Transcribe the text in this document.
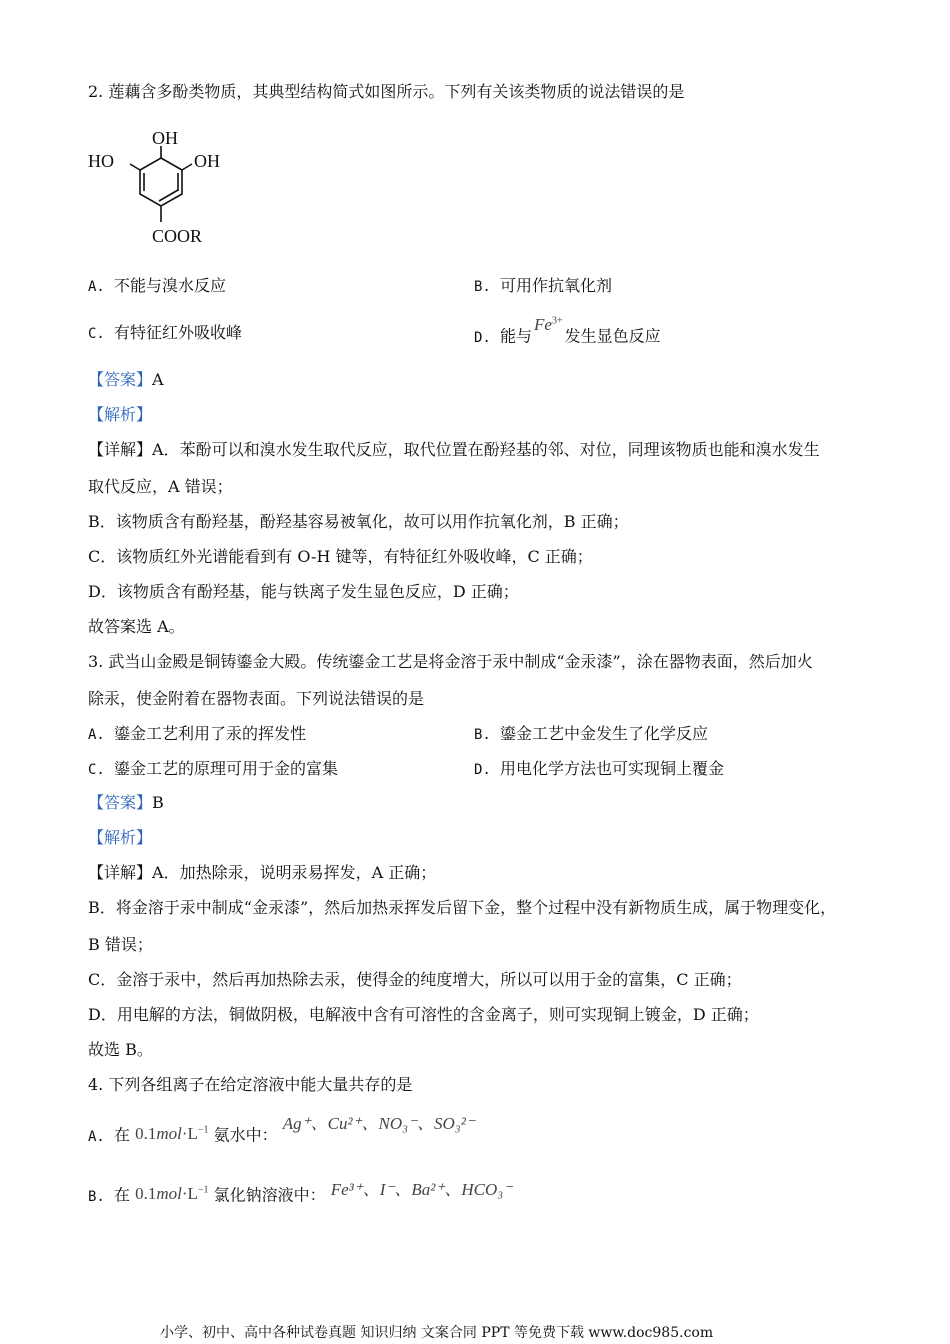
2. 莲藕含多酚类物质，其典型结构简式如图所示。下列有关该类物质的说法错误的是
OH
HO	OH
COOR
A. 不能与溴水反应	B. 可用作抗氧化剂
C. 有特征红外吸收峰	D. 能与$Fe^{3+}$发生显色反应
【答案】A
【解析】
【详解】A．苯酚可以和溴水发生取代反应，取代位置在酚羟基的邻、对位，同理该物质也能和溴水发生
取代反应，A 错误；
B．该物质含有酚羟基，酚羟基容易被氧化，故可以用作抗氧化剂，B 正确；
C．该物质红外光谱能看到有 O-H 键等，有特征红外吸收峰，C 正确；
D．该物质含有酚羟基，能与铁离子发生显色反应，D 正确；
故答案选 A。
3. 武当山金殿是铜铸鎏金大殿。传统鎏金工艺是将金溶于汞中制成“金汞漆”，涂在器物表面，然后加火
除汞，使金附着在器物表面。下列说法错误的是
A. 鎏金工艺利用了汞的挥发性	B. 鎏金工艺中金发生了化学反应
C. 鎏金工艺的原理可用于金的富集	D. 用电化学方法也可实现铜上覆金
【答案】B
【解析】
【详解】A．加热除汞，说明汞易挥发，A 正确；
B．将金溶于汞中制成“金汞漆”，然后加热汞挥发后留下金，整个过程中没有新物质生成，属于物理变化，
B 错误；
C．金溶于汞中，然后再加热除去汞，使得金的纯度增大，所以可以用于金的富集，C 正确；
D．用电解的方法，铜做阴极，电解液中含有可溶性的含金离子，则可实现铜上镀金，D 正确；
故选 B。
4. 下列各组离子在给定溶液中能大量共存的是
A. 在 $0.1mol\cdot L^{-1}$ 氨水中： Ag⁺、Cu²⁺、NO₃⁻、SO₃²⁻
B. 在 $0.1mol\cdot L^{-1}$ 氯化钠溶液中： Fe³⁺、I⁻、Ba²⁺、HCO₃⁻
小学、初中、高中各种试卷真题 知识归纳 文案合同 PPT 等免费下载 www.doc985.com
